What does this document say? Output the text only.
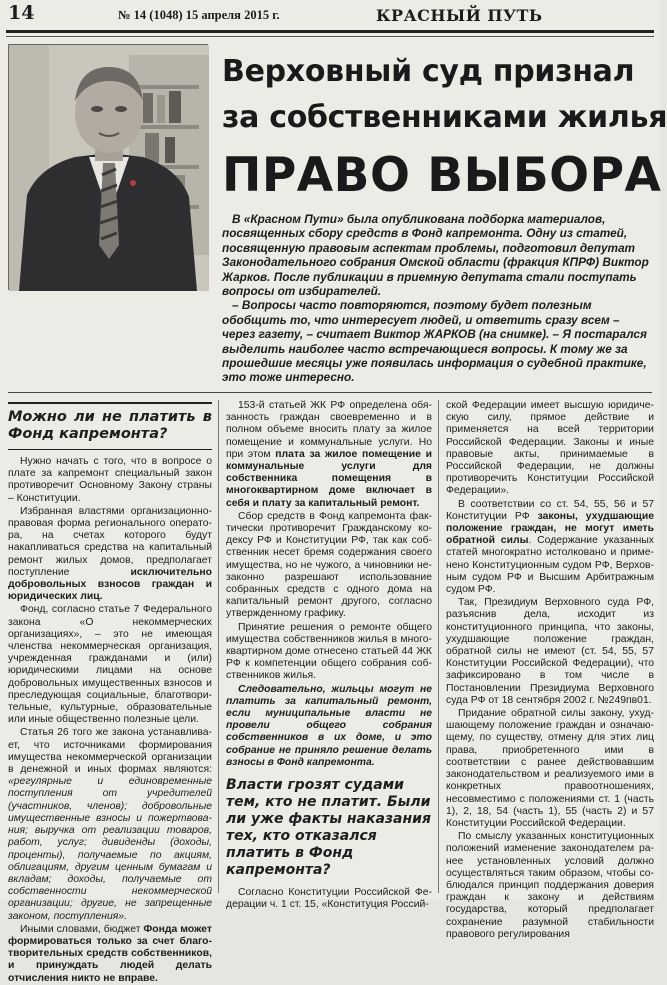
14	№ 14 (1048) 15 апреля 2015 г.	КРАСНЫЙ ПУТЬ
Верховный суд признал
за собственниками жилья
ПРАВО ВЫБОРА

В «Красном Пути» была опубликована подборка материалов, посвященных сбору средств в Фонд капремонта. Одну из статей, посвященную правовым аспектам проблемы, подготовил депутат Законодательного собрания Омской области (фракция КПРФ) Виктор Жарков. После публикации в приемную депутата стали поступать вопросы от избирателей.

– Вопросы часто повторяются, поэтому будет полезным обобщить то, что интересует людей, и ответить сразу всем – через газету, – считает Виктор ЖАРКОВ (на снимке). – Я постарался выделить наиболее часто встречающиеся вопросы. К тому же за прошедшие месяцы уже появилась информация о судебной практике, это тоже интересно.

Можно ли не платить в Фонд капремонта?

Нужно начать с того, что в вопросе о плате за капремонт специальный закон противоречит Основному Закону страны – Конституции.

Избранная властями организационно-правовая форма регионального оператора, на счетах которого будут накапливаться средства на капитальный ремонт жилых домов, предполагает поступление исключительно добровольных взносов граждан и юридических лиц.

Фонд, согласно статье 7 Федерального закона «О некоммерческих организациях», – это не имеющая членства некоммерческая организация, учрежденная гражданами и (или) юридическими лицами на основе добровольных имущественных взносов и преследующая социальные, благотворительные, культурные, образовательные или иные общественно полезные цели.

Статья 26 того же закона устанавливает, что источниками формирования имущества некоммерческой организации в денежной и иных формах являются: «регулярные и единовременные поступления от учредителей (участников, членов); добровольные имущественные взносы и пожертвования; выручка от реализации товаров, работ, услуг; дивиденды (доходы, проценты), получаемые по акциям, облигациям, другим ценным бумагам и вкладам; доходы, получаемые от собственности некоммерческой организации; другие, не запрещенные законом, поступления».

Иными словами, бюджет Фонда может формироваться только за счет благотворительных средств собственников, и принуждать людей делать отчисления никто не вправе.

153-й статьей ЖК РФ определена обязанность граждан своевременно и в полном объеме вносить плату за жилое помещение и коммунальные услуги. Но при этом плата за жилое помещение и коммунальные услуги для собственника помещения в многоквартирном доме включает в себя и плату за капитальный ремонт.

Сбор средств в Фонд капремонта фактически противоречит Гражданскому кодексу РФ и Конституции РФ, так как собственник несет бремя содержания своего имущества, но не чужого, а чиновники незаконно разрешают использование собранных средств с одного дома на капитальный ремонт другого, согласно утвержденному графику.

Принятие решения о ремонте общего имущества собственников жилья в многоквартирном доме отнесено статьей 44 ЖК РФ к компетенции общего собрания собственников жилья.

Следовательно, жильцы могут не платить за капитальный ремонт, если муниципальные власти не провели общего собрания собственников в их доме, и это собрание не приняло решение делать взносы в Фонд капремонта.

Власти грозят судами тем, кто не платит. Были ли уже факты наказания тех, кто отказался платить в Фонд капремонта?

Согласно Конституции Российской Федерации ч. 1 ст. 15, «Конституция Россий-

ской Федерации имеет высшую юридическую силу, прямое действие и применяется на всей территории Российской Федерации. Законы и иные правовые акты, принимаемые в Российской Федерации, не должны противоречить Конституции Российской Федерации».

В соответствии со ст. 54, 55, 56 и 57 Конституции РФ законы, ухудшающие положение граждан, не могут иметь обратной силы. Содержание указанных статей многократно истолковано и применено Конституционным судом РФ, Верховным судом РФ и Высшим Арбитражным судом РФ.

Так, Президиум Верховного суда РФ, разъяснив дела, исходит из конституционного принципа, что законы, ухудшающие положение граждан, обратной силы не имеют (ст. 54, 55, 57 Конституции Российской Федерации), что зафиксировано в том числе в Постановлении Президиума Верховного суда РФ от 18 сентября 2002 г. №249пв01.

Придание обратной силы закону, ухудшающему положение граждан и означающему, по существу, отмену для этих лиц права, приобретенного ими в соответствии с ранее действовавшим законодательством и реализуемого ими в конкретных правоотношениях, несовместимо с положениями ст. 1 (часть 1), 2, 18, 54 (часть 1), 55 (часть 2) и 57 Конституции Российской Федерации.

По смыслу указанных конституционных положений изменение законодателем ранее установленных условий должно осуществляться таким образом, чтобы соблюдался принцип поддержания доверия граждан к закону и действиям государства, который предполагает сохранение разумной стабильности правового регулирования
